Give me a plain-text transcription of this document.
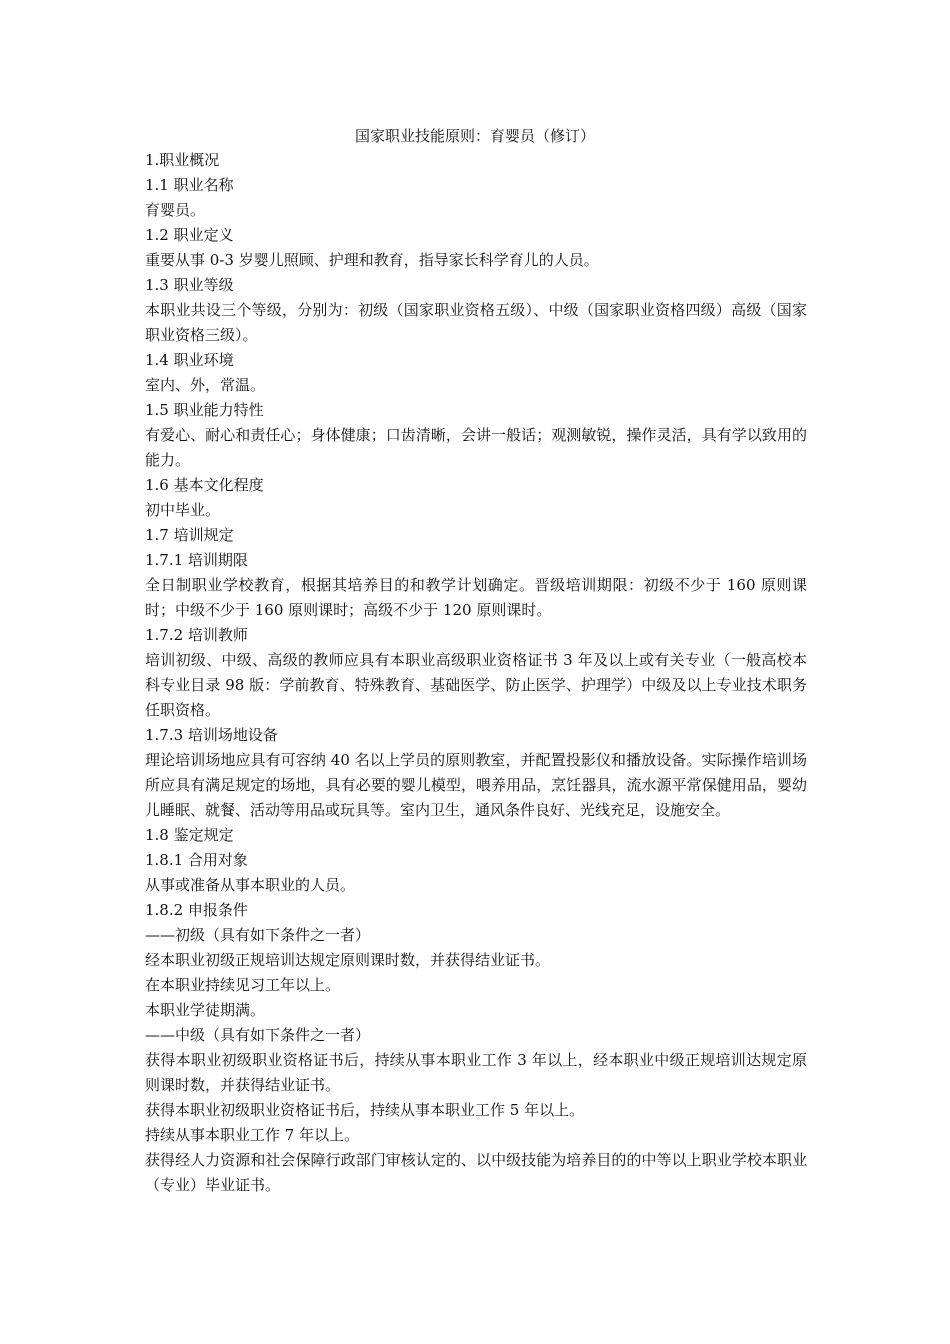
国家职业技能原则：育婴员（修订）

1.职业概况

1.1 职业名称

育婴员。

1.2 职业定义

重要从事 0-3 岁婴儿照顾、护理和教育，指导家长科学育儿的人员。

1.3 职业等级

本职业共设三个等级，分别为：初级（国家职业资格五级）、中级（国家职业资格四级）高级（国家职业资格三级）。

1.4 职业环境

室内、外，常温。

1.5 职业能力特性

有爱心、耐心和责任心；身体健康；口齿清晰，会讲一般话；观测敏锐，操作灵活，具有学以致用的能力。

1.6 基本文化程度

初中毕业。

1.7 培训规定

1.7.1 培训期限

全日制职业学校教育，根据其培养目的和教学计划确定。晋级培训期限：初级不少于 160 原则课时；中级不少于 160 原则课时；高级不少于 120 原则课时。

1.7.2 培训教师

培训初级、中级、高级的教师应具有本职业高级职业资格证书 3 年及以上或有关专业（一般高校本科专业目录 98 版：学前教育、特殊教育、基础医学、防止医学、护理学）中级及以上专业技术职务任职资格。

1.7.3 培训场地设备

理论培训场地应具有可容纳 40 名以上学员的原则教室，并配置投影仪和播放设备。实际操作培训场所应具有满足规定的场地，具有必要的婴儿模型，喂养用品，烹饪器具，流水源平常保健用品，婴幼儿睡眠、就餐、活动等用品或玩具等。室内卫生，通风条件良好、光线充足，设施安全。

1.8 鉴定规定

1.8.1 合用对象

从事或准备从事本职业的人员。

1.8.2 申报条件

——初级（具有如下条件之一者）

经本职业初级正规培训达规定原则课时数，并获得结业证书。

在本职业持续见习工年以上。

本职业学徒期满。

——中级（具有如下条件之一者）

获得本职业初级职业资格证书后，持续从事本职业工作 3 年以上，经本职业中级正规培训达规定原则课时数，并获得结业证书。

获得本职业初级职业资格证书后，持续从事本职业工作 5 年以上。

持续从事本职业工作 7 年以上。

获得经人力资源和社会保障行政部门审核认定的、以中级技能为培养目的的中等以上职业学校本职业（专业）毕业证书。
